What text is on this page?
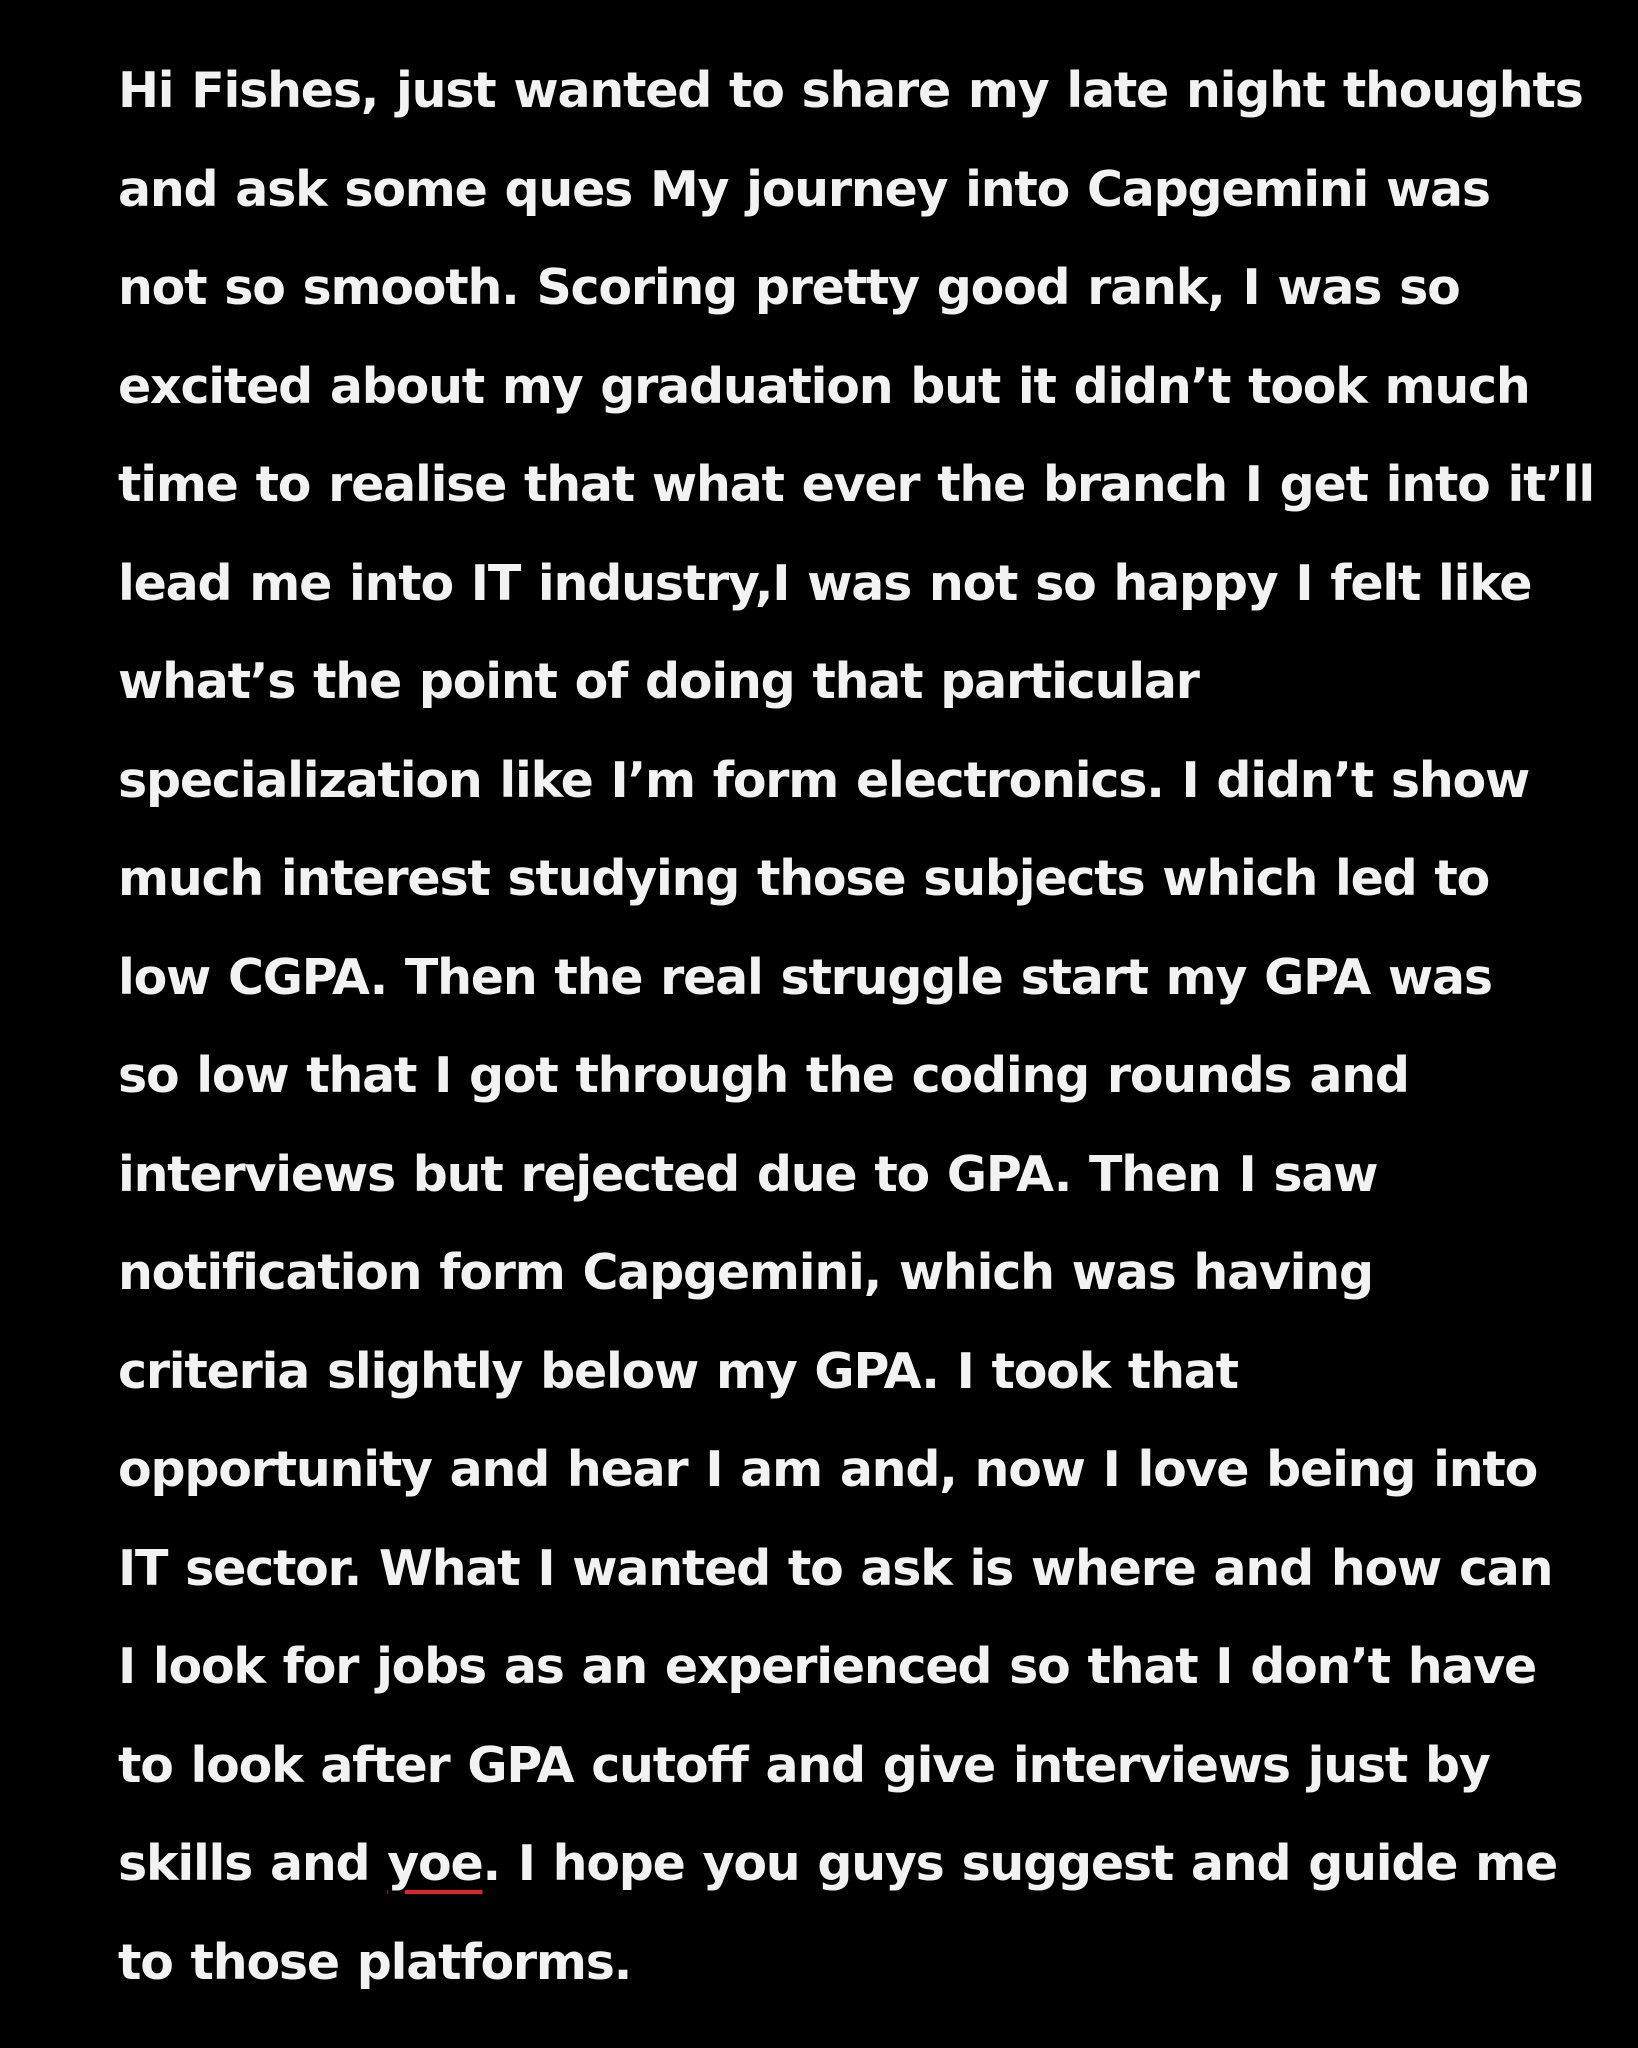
Hi Fishes, just wanted to share my late night thoughts
and ask some ques My journey into Capgemini was
not so smooth. Scoring pretty good rank, I was so
excited about my graduation but it didn’t took much
time to realise that what ever the branch I get into it’ll
lead me into IT industry,I was not so happy I felt like
what’s the point of doing that particular
specialization like I’m form electronics. I didn’t show
much interest studying those subjects which led to
low CGPA. Then the real struggle start my GPA was
so low that I got through the coding rounds and
interviews but rejected due to GPA. Then I saw
notification form Capgemini, which was having
criteria slightly below my GPA. I took that
opportunity and hear I am and, now I love being into
IT sector. What I wanted to ask is where and how can
I look for jobs as an experienced so that I don’t have
to look after GPA cutoff and give interviews just by
skills and yoe. I hope you guys suggest and guide me
to those platforms.
